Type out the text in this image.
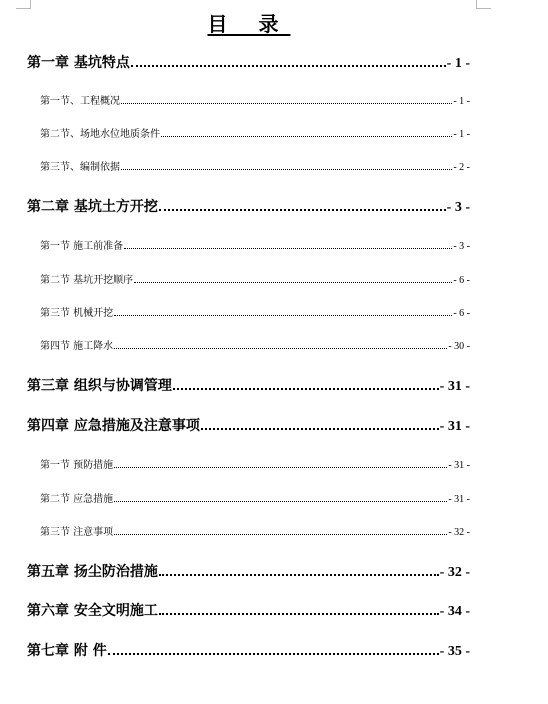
目 录
第一章 基坑特点	- 1 -
第一节、工程概况	- 1 -
第二节、场地水位地质条件	- 1 -
第三节、编制依据	- 2 -
第二章 基坑土方开挖	- 3 -
第一节 施工前准备	- 3 -
第二节 基坑开挖顺序	- 6 -
第三节 机械开挖	- 6 -
第四节 施工降水	- 30 -
第三章 组织与协调管理	- 31 -
第四章 应急措施及注意事项	- 31 -
第一节 预防措施	- 31 -
第二节 应急措施	- 31 -
第三节 注意事项	- 32 -
第五章 扬尘防治措施	- 32 -
第六章 安全文明施工	- 34 -
第七章 附 件	- 35 -
